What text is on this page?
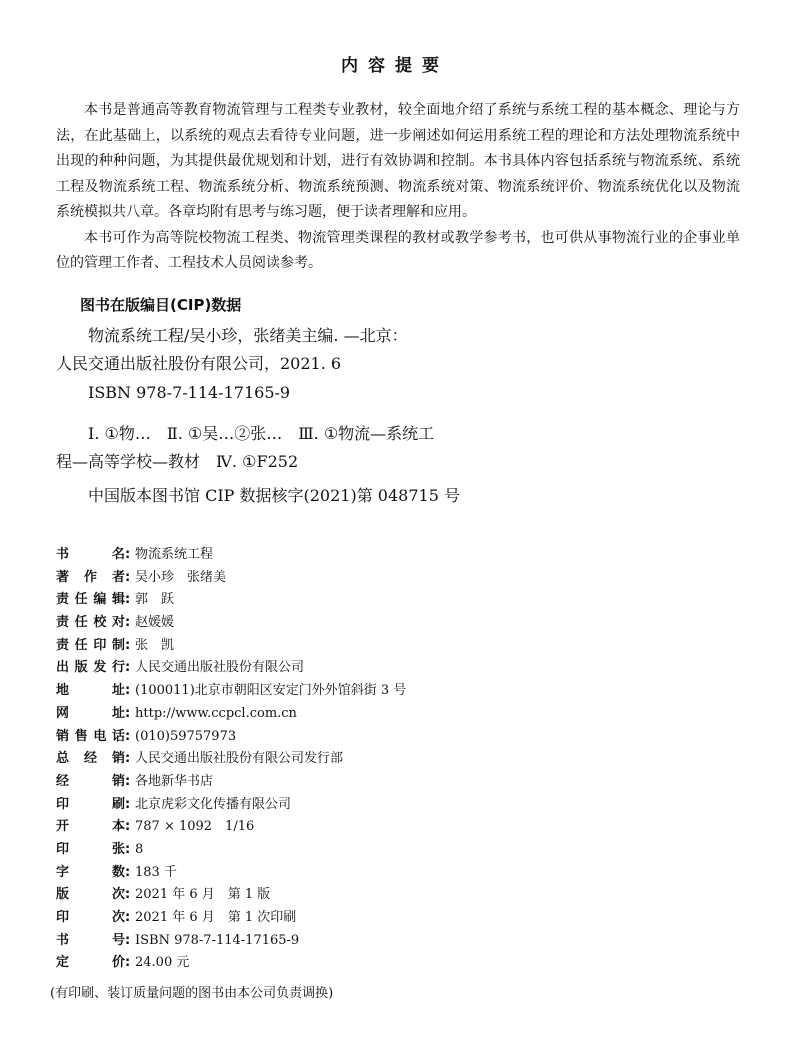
内容提要

本书是普通高等教育物流管理与工程类专业教材，较全面地介绍了系统与系统工程的基本概念、理论与方法，在此基础上，以系统的观点去看待专业问题，进一步阐述如何运用系统工程的理论和方法处理物流系统中出现的种种问题，为其提供最优规划和计划，进行有效协调和控制。本书具体内容包括系统与物流系统、系统工程及物流系统工程、物流系统分析、物流系统预测、物流系统对策、物流系统评价、物流系统优化以及物流系统模拟共八章。各章均附有思考与练习题，便于读者理解和应用。

本书可作为高等院校物流工程类、物流管理类课程的教材或教学参考书，也可供从事物流行业的企事业单位的管理工作者、工程技术人员阅读参考。

图书在版编目(CIP)数据
物流系统工程/吴小珍，张绪美主编. —北京：
人民交通出版社股份有限公司，2021. 6
ISBN 978-7-114-17165-9
Ⅰ. ①物…　Ⅱ. ①吴…②张…　Ⅲ. ①物流—系统工
程—高等学校—教材　Ⅳ. ①F252
中国版本图书馆 CIP 数据核字(2021)第 048715 号
书名 : 物流系统工程
著作者 : 吴小珍　张绪美
责任编辑 : 郭　跃
责任校对 : 赵媛媛
责任印制 : 张　凯
出版发行 : 人民交通出版社股份有限公司
地址 : (100011)北京市朝阳区安定门外外馆斜街 3 号
网址 : http://www.ccpcl.com.cn
销售电话 : (010)59757973
总经销 : 人民交通出版社股份有限公司发行部
经销 : 各地新华书店
印刷 : 北京虎彩文化传播有限公司
开本 : 787 × 1092　1/16
印张 : 8
字数 : 183 千
版次 : 2021 年 6 月　第 1 版
印次 : 2021 年 6 月　第 1 次印刷
书号 : ISBN 978-7-114-17165-9
定价 : 24.00 元
(有印刷、装订质量问题的图书由本公司负责调换)
